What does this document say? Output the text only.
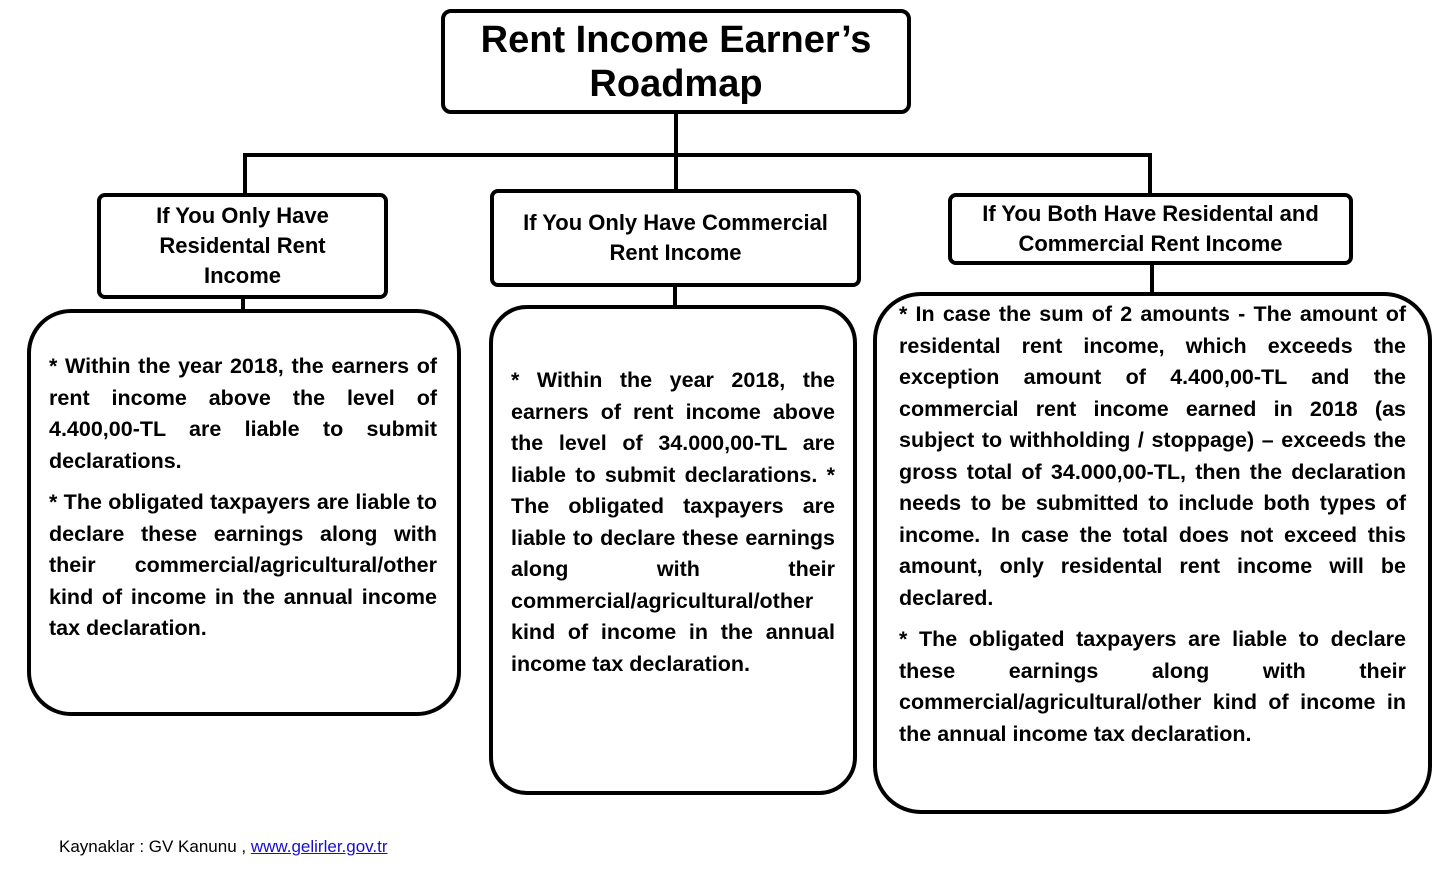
Rent Income Earner’s
Roadmap
If You Only Have
Residental Rent
Income
If You Only Have Commercial
Rent Income
If You Both Have Residental and
Commercial Rent Income

* Within the year 2018, the earners of rent income above the level of 4.400,00-TL are liable to submit declarations.

* The obligated taxpayers are liable to declare these earnings along with their commercial/agricultural/other kind of income in the annual income tax declaration.

* Within the year 2018, the earners of rent income above the level of 34.000,00-TL are liable to submit declarations. * The obligated taxpayers are liable to declare these earnings along with their commercial/agricultural/other kind of income in the annual income tax declaration.

* In case the sum of 2 amounts - The amount of residental rent income, which exceeds the exception amount of 4.400,00-TL and the commercial rent income earned in 2018 (as subject to withholding / stoppage) – exceeds the gross total of 34.000,00-TL, then the declaration needs to be submitted to include both types of income. In case the total does not exceed this amount, only residental rent income will be declared.

* The obligated taxpayers are liable to declare these earnings along with their commercial/agricultural/other kind of income in the annual income tax declaration.

Kaynaklar : GV Kanunu , www.gelirler.gov.tr
